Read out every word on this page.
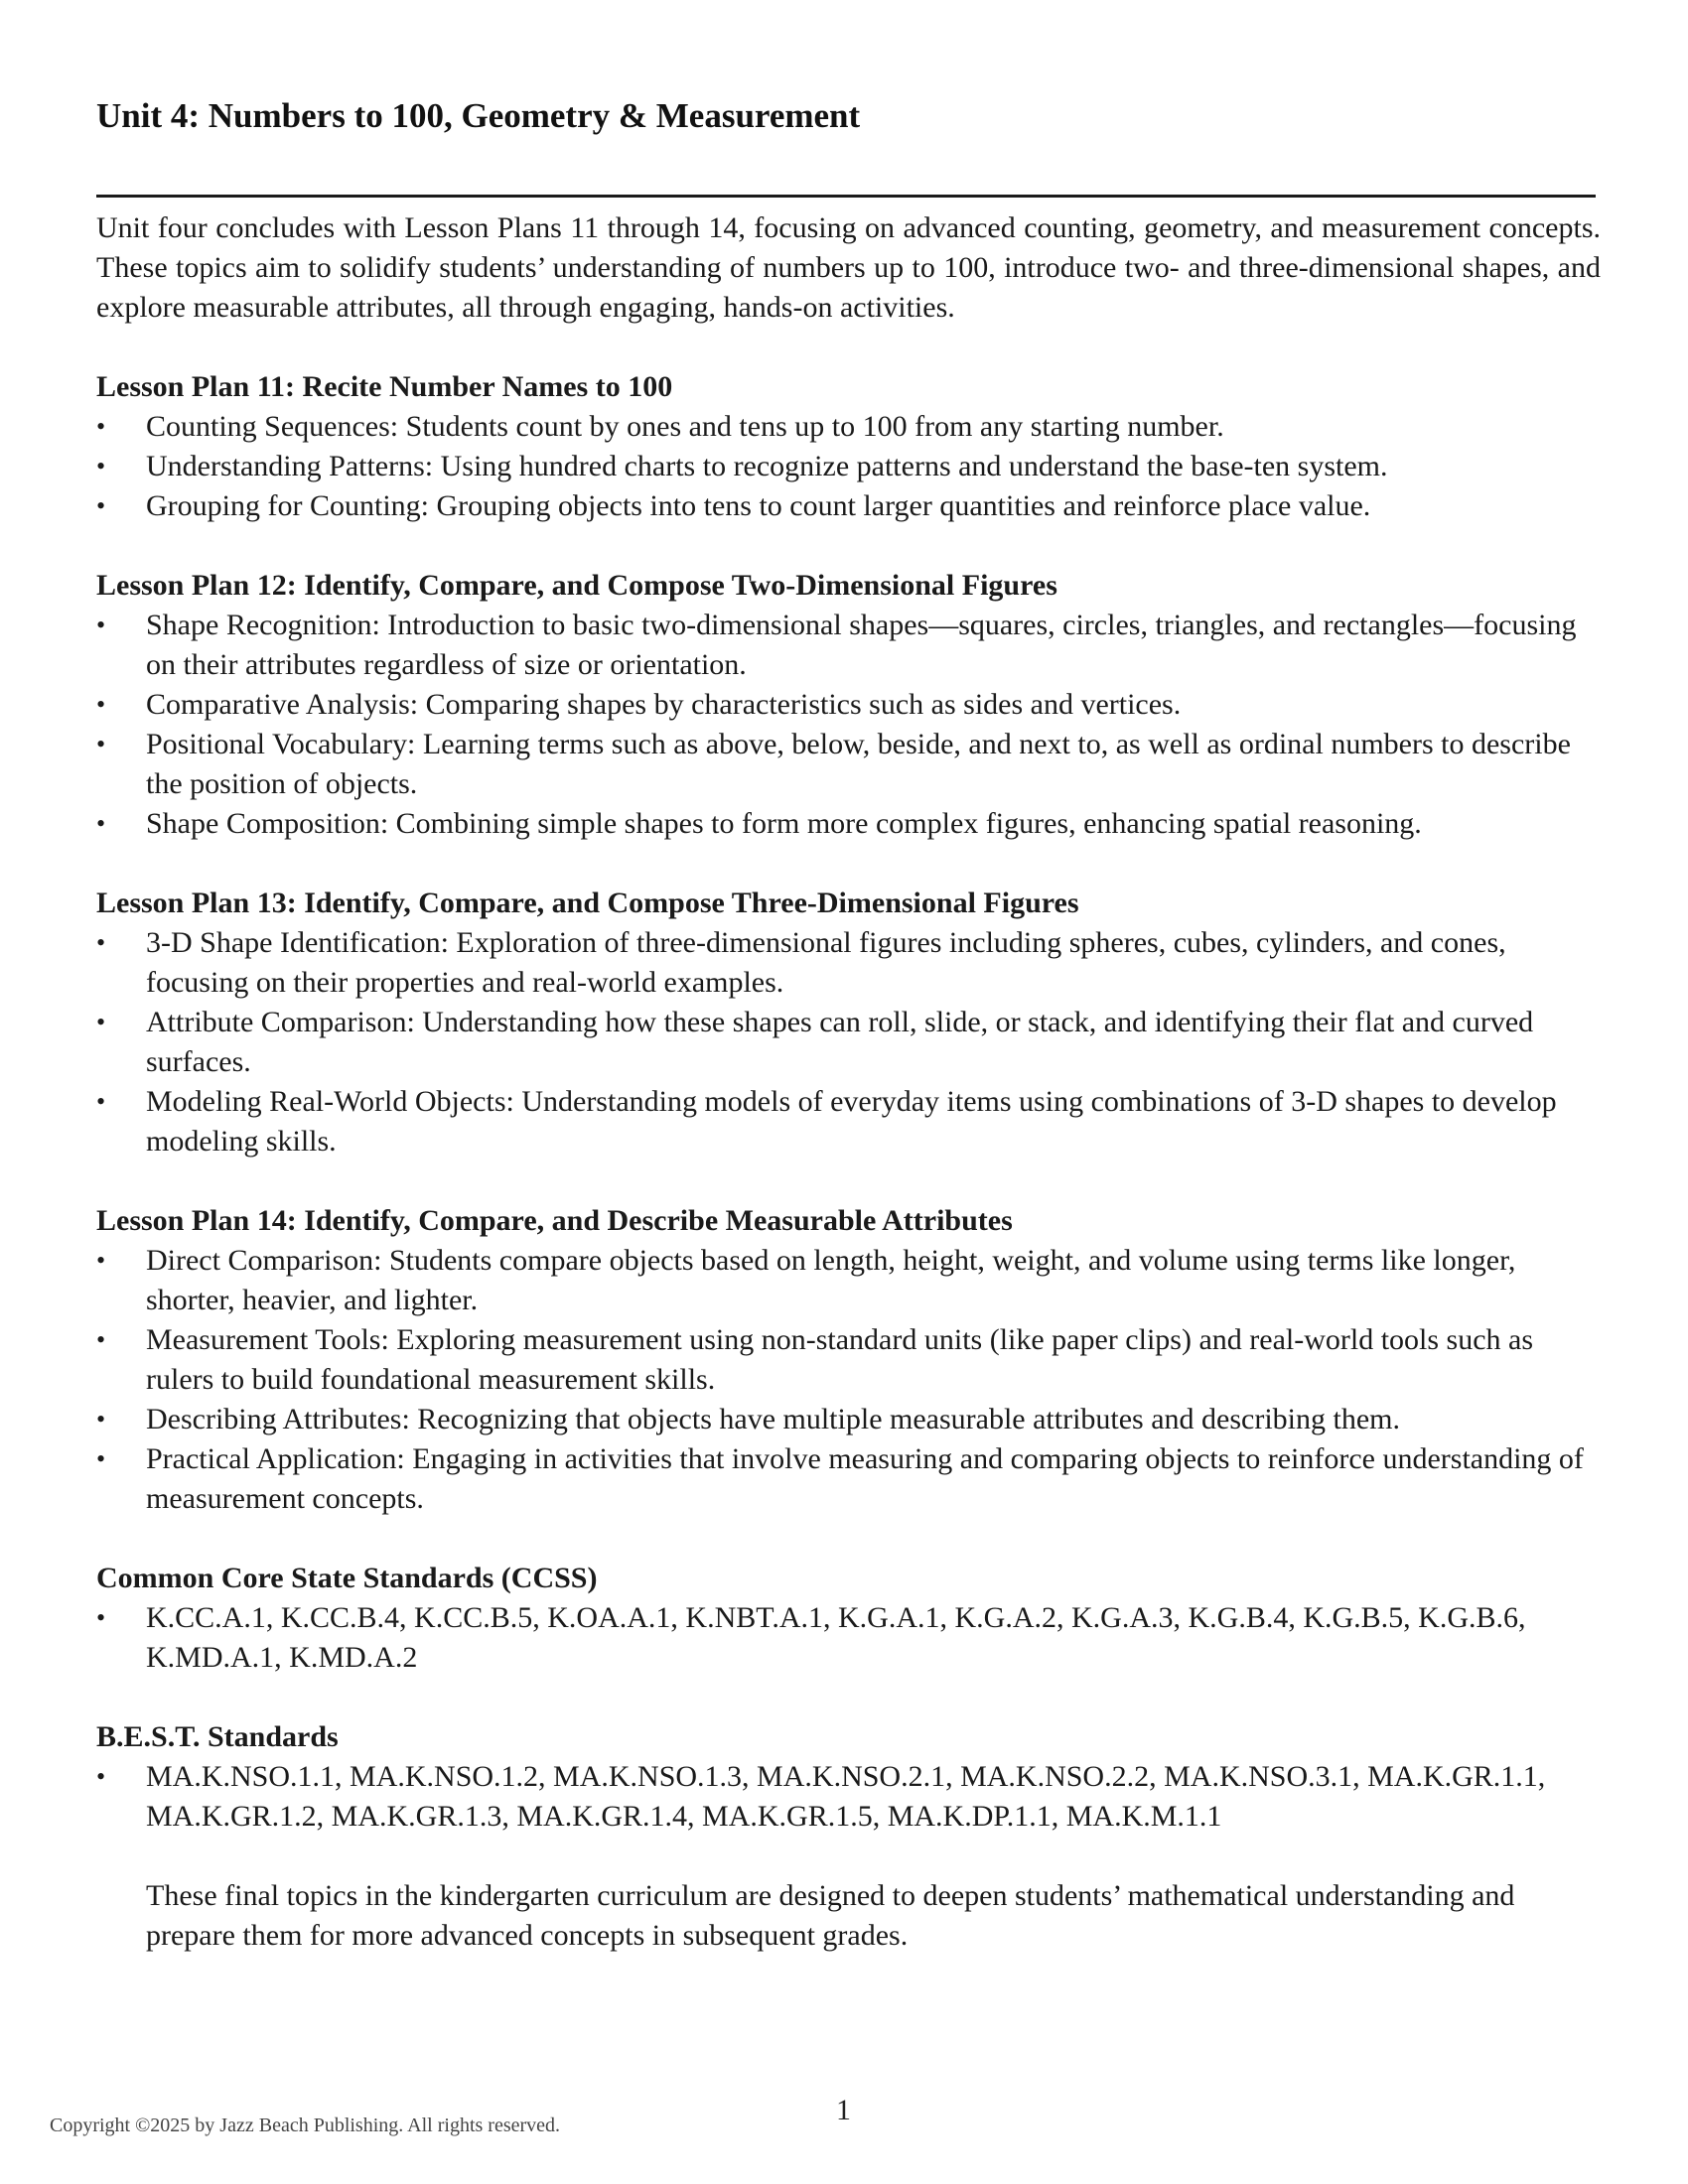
Unit 4: Numbers to 100, Geometry & Measurement

Unit four concludes with Lesson Plans 11 through 14, focusing on advanced counting, geometry, and measurement concepts. These topics aim to solidify students’ understanding of numbers up to 100, introduce two- and three-dimensional shapes, and explore measurable attributes, all through engaging, hands-on activities.

Lesson Plan 11: Recite Number Names to 100

• Counting Sequences: Students count by ones and tens up to 100 from any starting number.
• Understanding Patterns: Using hundred charts to recognize patterns and understand the base-ten system.
• Grouping for Counting: Grouping objects into tens to count larger quantities and reinforce place value.

Lesson Plan 12: Identify, Compare, and Compose Two-Dimensional Figures

• Shape Recognition: Introduction to basic two-dimensional shapes—squares, circles, triangles, and rectangles—focusing on their attributes regardless of size or orientation.
• Comparative Analysis: Comparing shapes by characteristics such as sides and vertices.
• Positional Vocabulary: Learning terms such as above, below, beside, and next to, as well as ordinal numbers to describe the position of objects.
• Shape Composition: Combining simple shapes to form more complex figures, enhancing spatial reasoning.

Lesson Plan 13: Identify, Compare, and Compose Three-Dimensional Figures

• 3-D Shape Identification: Exploration of three-dimensional figures including spheres, cubes, cylinders, and cones, focusing on their properties and real-world examples.
• Attribute Comparison: Understanding how these shapes can roll, slide, or stack, and identifying their flat and curved surfaces.
• Modeling Real-World Objects: Understanding models of everyday items using combinations of 3-D shapes to develop modeling skills.

Lesson Plan 14: Identify, Compare, and Describe Measurable Attributes

• Direct Comparison: Students compare objects based on length, height, weight, and volume using terms like longer, shorter, heavier, and lighter.
• Measurement Tools: Exploring measurement using non-standard units (like paper clips) and real-world tools such as rulers to build foundational measurement skills.
• Describing Attributes: Recognizing that objects have multiple measurable attributes and describing them.
• Practical Application: Engaging in activities that involve measuring and comparing objects to reinforce understanding of measurement concepts.

Common Core State Standards (CCSS)

• K.CC.A.1, K.CC.B.4, K.CC.B.5, K.OA.A.1, K.NBT.A.1, K.G.A.1, K.G.A.2, K.G.A.3, K.G.B.4, K.G.B.5, K.G.B.6, K.MD.A.1, K.MD.A.2

B.E.S.T. Standards

• MA.K.NSO.1.1, MA.K.NSO.1.2, MA.K.NSO.1.3, MA.K.NSO.2.1, MA.K.NSO.2.2, MA.K.NSO.3.1, MA.K.GR.1.1, MA.K.GR.1.2, MA.K.GR.1.3, MA.K.GR.1.4, MA.K.GR.1.5, MA.K.DP.1.1, MA.K.M.1.1

These final topics in the kindergarten curriculum are designed to deepen students’ mathematical understanding and prepare them for more advanced concepts in subsequent grades.

Copyright ©2025 by Jazz Beach Publishing. All rights reserved.	1
